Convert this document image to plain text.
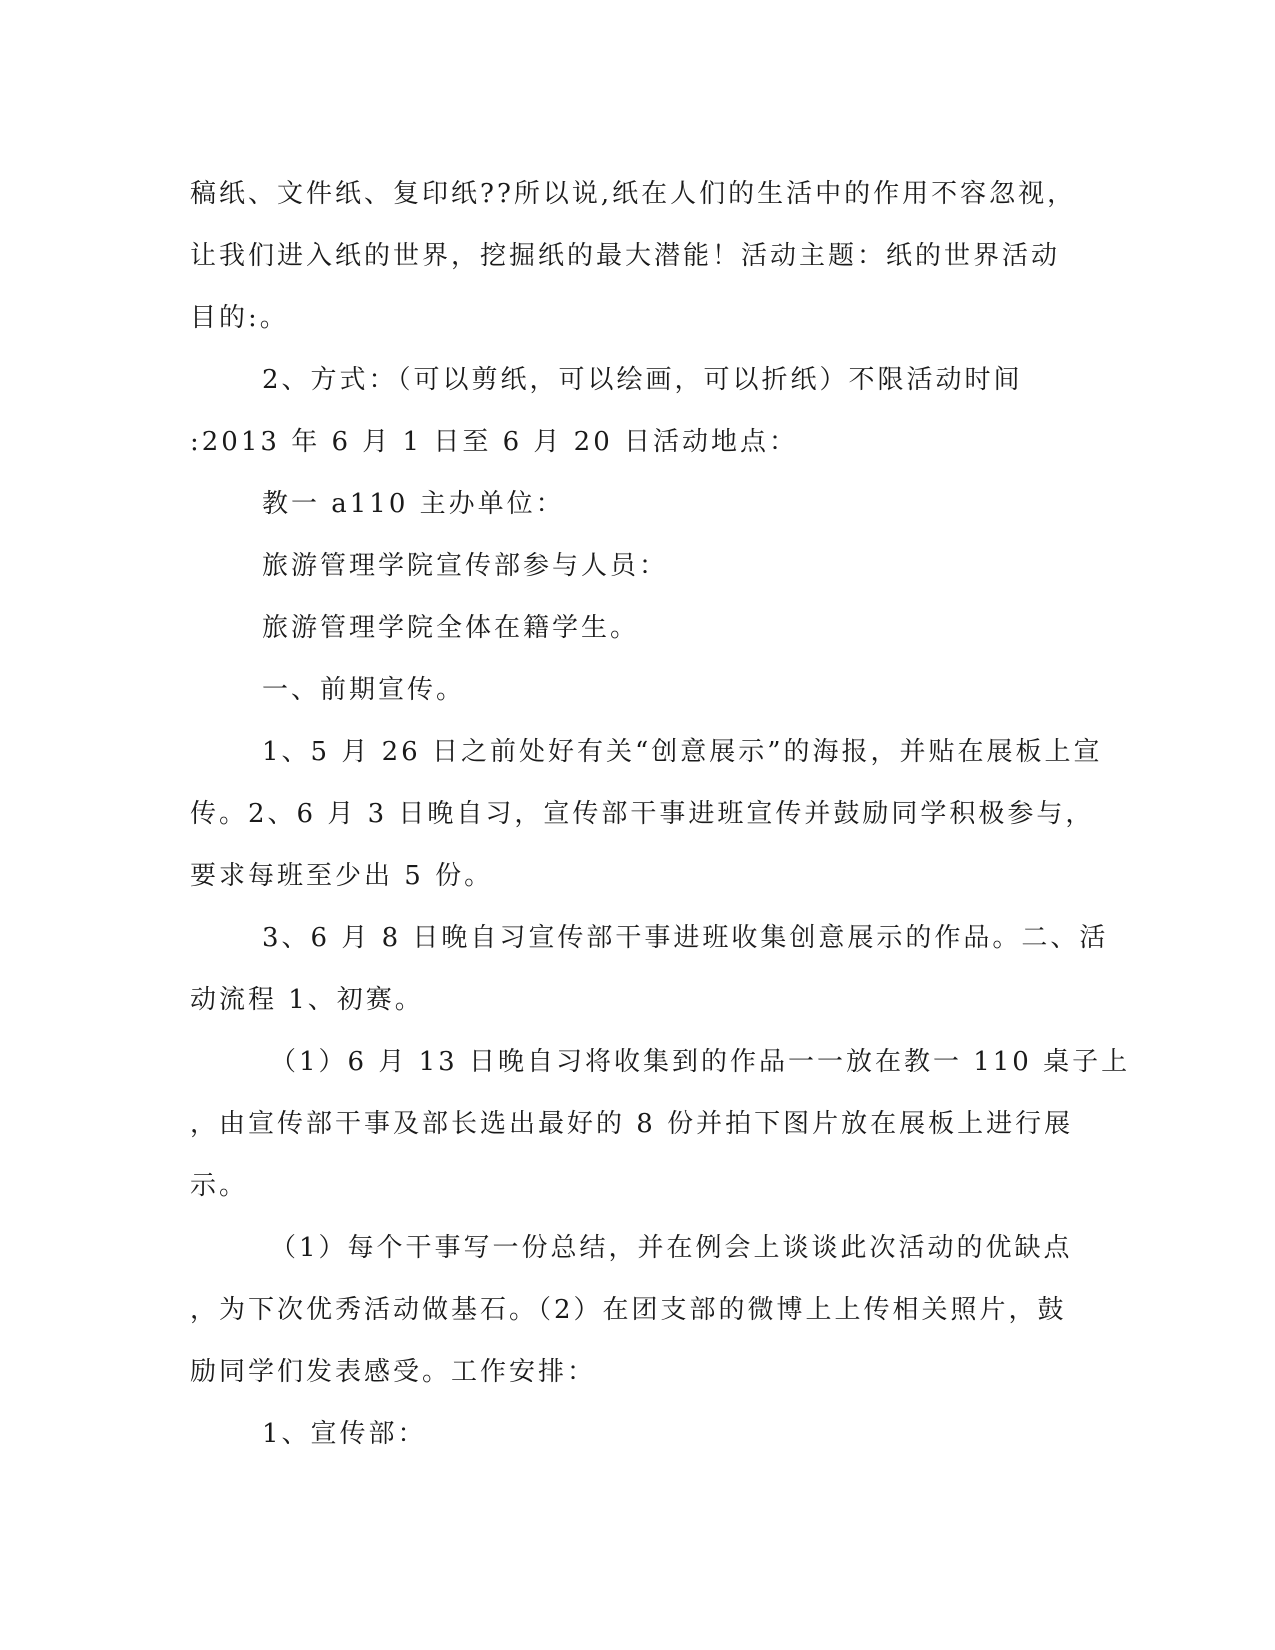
稿纸、文件纸、复印纸??所以说,纸在人们的生活中的作用不容忽视，
让我们进入纸的世界，挖掘纸的最大潜能！活动主题：纸的世界活动
目的:。
2、方式：（可以剪纸，可以绘画，可以折纸）不限活动时间
:2013 年 6 月 1 日至 6 月 20 日活动地点：
教一 a110 主办单位：
旅游管理学院宣传部参与人员：
旅游管理学院全体在籍学生。
一、前期宣传。
1、5 月 26 日之前处好有关“创意展示”的海报，并贴在展板上宣
传。2、6 月 3 日晚自习，宣传部干事进班宣传并鼓励同学积极参与，
要求每班至少出 5 份。
3、6 月 8 日晚自习宣传部干事进班收集创意展示的作品。二、活
动流程 1、初赛。
（1）6 月 13 日晚自习将收集到的作品一一放在教一 110 桌子上
，由宣传部干事及部长选出最好的 8 份并拍下图片放在展板上进行展
示。
（1）每个干事写一份总结，并在例会上谈谈此次活动的优缺点
，为下次优秀活动做基石。（2）在团支部的微博上上传相关照片，鼓
励同学们发表感受。工作安排：
1、宣传部：
